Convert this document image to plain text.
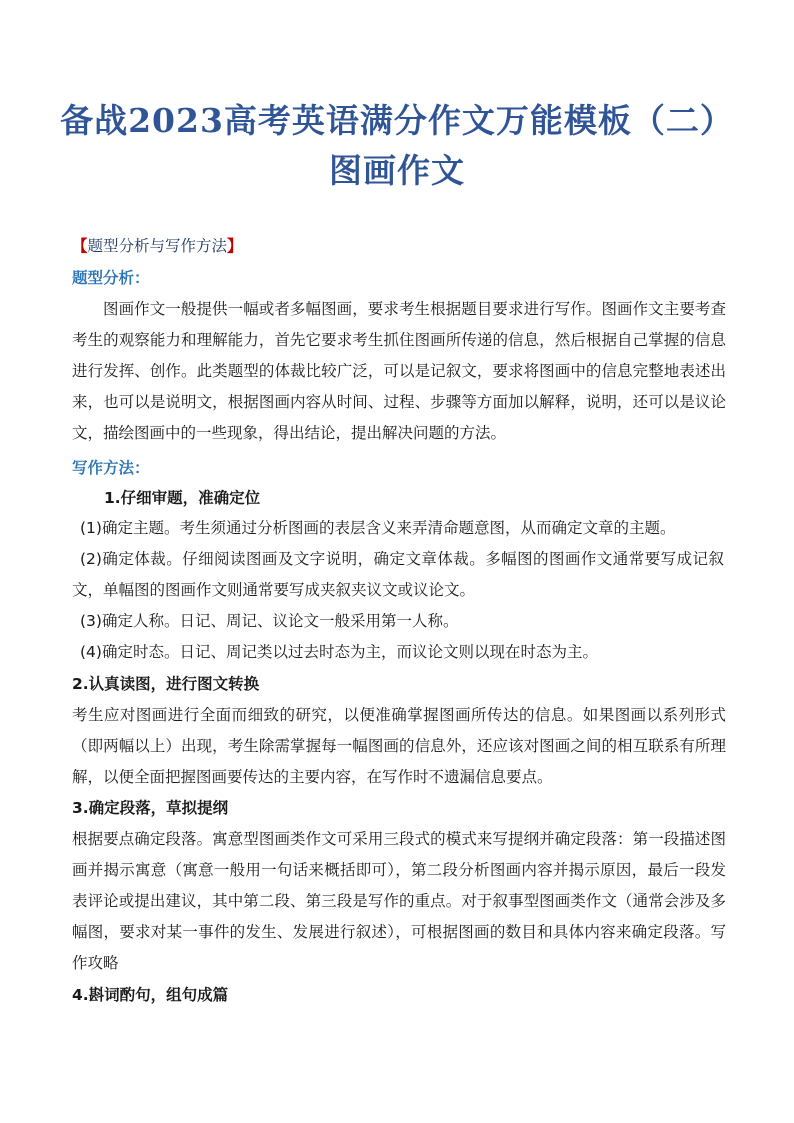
备战2023高考英语满分作文万能模板（二）
图画作文
【题型分析与写作方法】
题型分析：
图画作文一般提供一幅或者多幅图画，要求考生根据题目要求进行写作。图画作文主要考查考生的观察能力和理解能力，首先它要求考生抓住图画所传递的信息，然后根据自己掌握的信息进行发挥、创作。此类题型的体裁比较广泛，可以是记叙文，要求将图画中的信息完整地表述出来，也可以是说明文，根据图画内容从时间、过程、步骤等方面加以解释，说明，还可以是议论文，描绘图画中的一些现象，得出结论，提出解决问题的方法。
写作方法：
1.仔细审题，准确定位
(1)确定主题。考生须通过分析图画的表层含义来弄清命题意图，从而确定文章的主题。
(2)确定体裁。仔细阅读图画及文字说明，确定文章体裁。多幅图的图画作文通常要写成记叙文，单幅图的图画作文则通常要写成夹叙夹议文或议论文。
(3)确定人称。日记、周记、议论文一般采用第一人称。
(4)确定时态。日记、周记类以过去时态为主，而议论文则以现在时态为主。
2.认真读图，进行图文转换
考生应对图画进行全面而细致的研究，以便准确掌握图画所传达的信息。如果图画以系列形式（即两幅以上）出现，考生除需掌握每一幅图画的信息外，还应该对图画之间的相互联系有所理解，以便全面把握图画要传达的主要内容，在写作时不遗漏信息要点。
3.确定段落，草拟提纲
根据要点确定段落。寓意型图画类作文可采用三段式的模式来写提纲并确定段落：第一段描述图画并揭示寓意（寓意一般用一句话来概括即可），第二段分析图画内容并揭示原因，最后一段发表评论或提出建议，其中第二段、第三段是写作的重点。对于叙事型图画类作文（通常会涉及多幅图，要求对某一事件的发生、发展进行叙述），可根据图画的数目和具体内容来确定段落。写作攻略
4.斟词酌句，组句成篇
